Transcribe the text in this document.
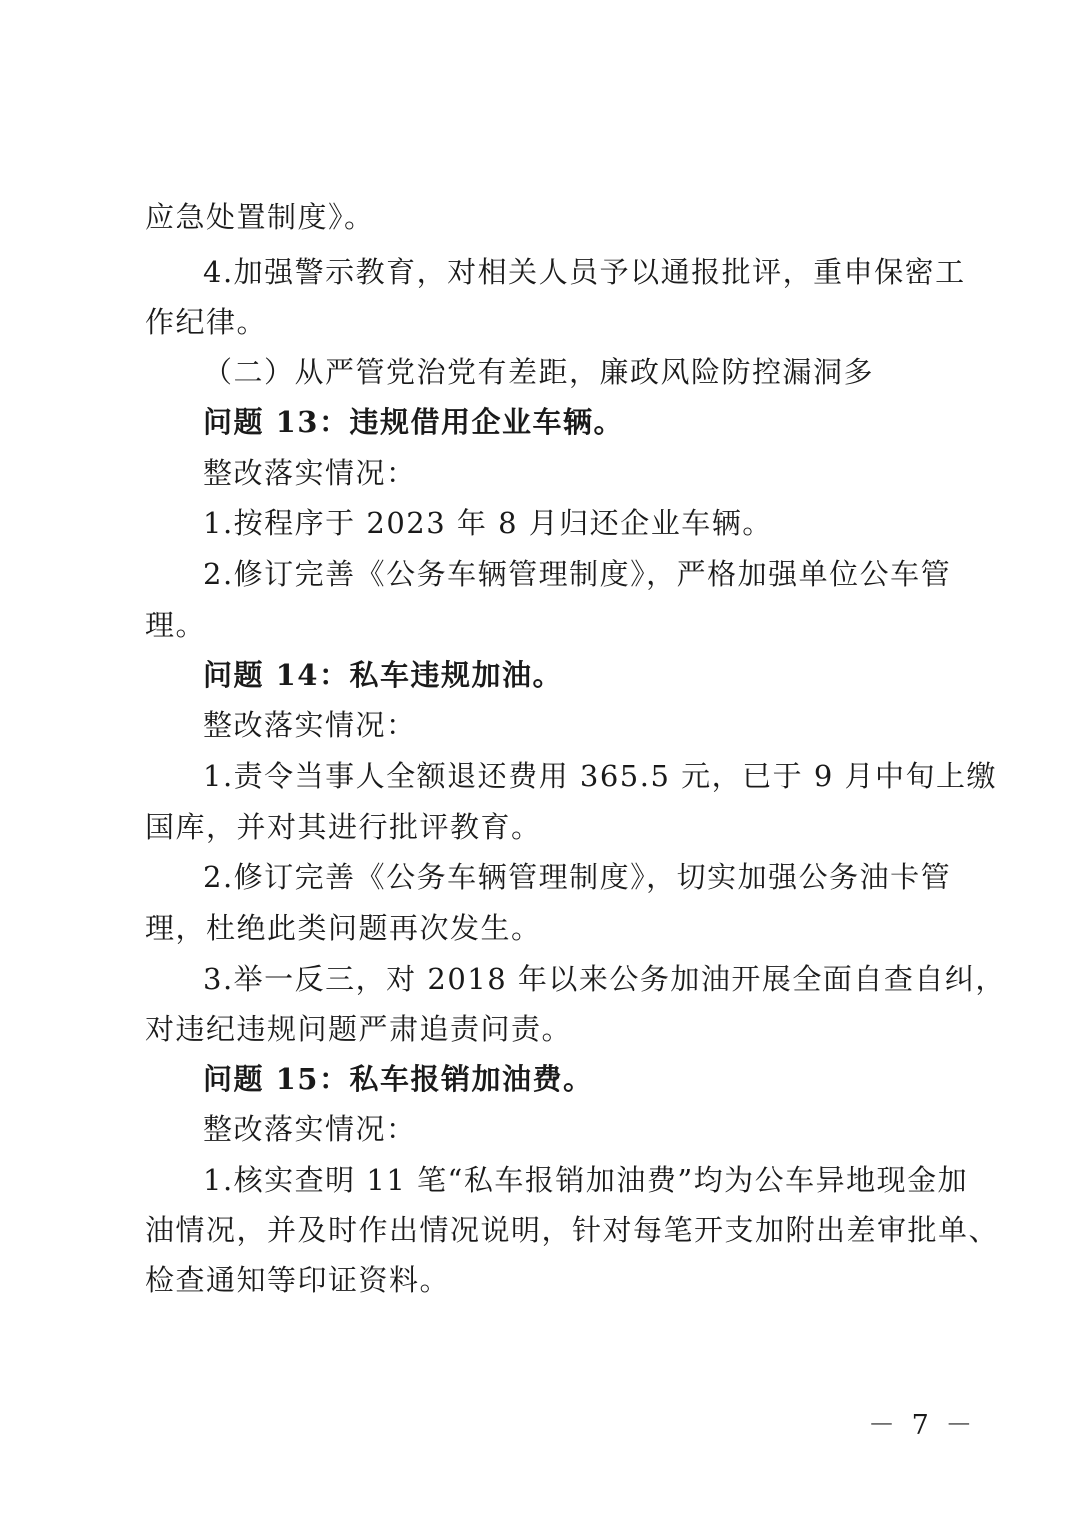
应急处置制度》。
4.加强警示教育，对相关人员予以通报批评，重申保密工
作纪律。
（二）从严管党治党有差距，廉政风险防控漏洞多
问题 13：违规借用企业车辆。
整改落实情况：
1.按程序于 2023 年 8 月归还企业车辆。
2.修订完善《公务车辆管理制度》，严格加强单位公车管
理。
问题 14：私车违规加油。
整改落实情况：
1.责令当事人全额退还费用 365.5 元，已于 9 月中旬上缴
国库，并对其进行批评教育。
2.修订完善《公务车辆管理制度》，切实加强公务油卡管
理，杜绝此类问题再次发生。
3.举一反三，对 2018 年以来公务加油开展全面自查自纠，
对违纪违规问题严肃追责问责。
问题 15：私车报销加油费。
整改落实情况：
1.核实查明 11 笔“私车报销加油费”均为公车异地现金加
油情况，并及时作出情况说明，针对每笔开支加附出差审批单、
检查通知等印证资料。
－ 7 －
